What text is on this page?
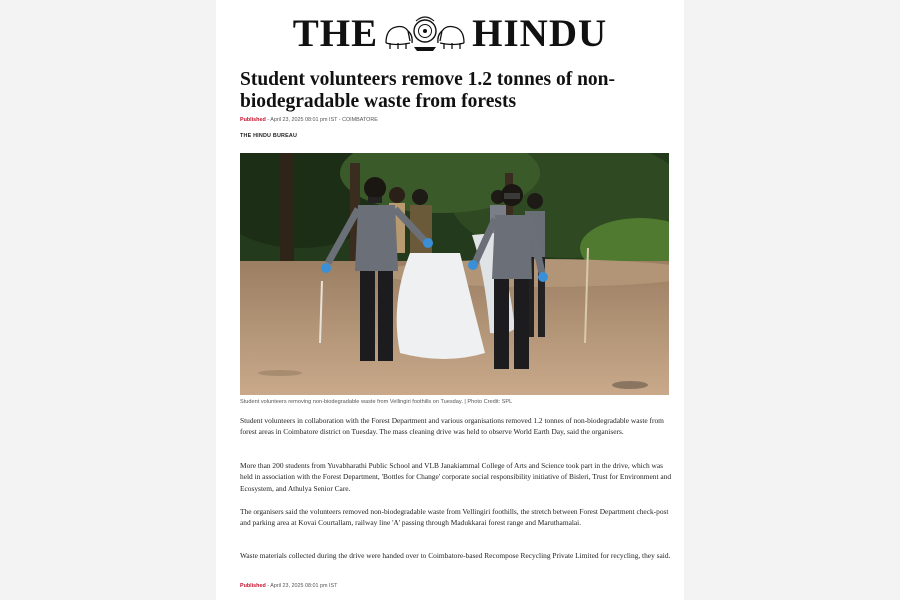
THE HINDU
Student volunteers remove 1.2 tonnes of non-biodegradable waste from forests
Published - April 23, 2025 08:01 pm IST - COIMBATORE
THE HINDU BUREAU
Student volunteers removing non-biodegradable waste from Vellingiri foothills on Tuesday. | Photo Credit: SPL

Student volunteers in collaboration with the Forest Department and various organisations removed 1.2 tonnes of non-biodegradable waste from forest areas in Coimbatore district on Tuesday. The mass cleaning drive was held to observe World Earth Day, said the organisers.

More than 200 students from Yuvabharathi Public School and VLB Janakiammal College of Arts and Science took part in the drive, which was held in association with the Forest Department, 'Bottles for Change' corporate social responsibility initiative of Bisleri, Trust for Environment and Ecosystem, and Athulya Senior Care.

The organisers said the volunteers removed non-biodegradable waste from Vellingiri foothills, the stretch between Forest Department check-post and parking area at Kovai Courtallam, railway line 'A' passing through Madukkarai forest range and Maruthamalai.

Waste materials collected during the drive were handed over to Coimbatore-based Recompose Recycling Private Limited for recycling, they said.

Published - April 23, 2025 08:01 pm IST
